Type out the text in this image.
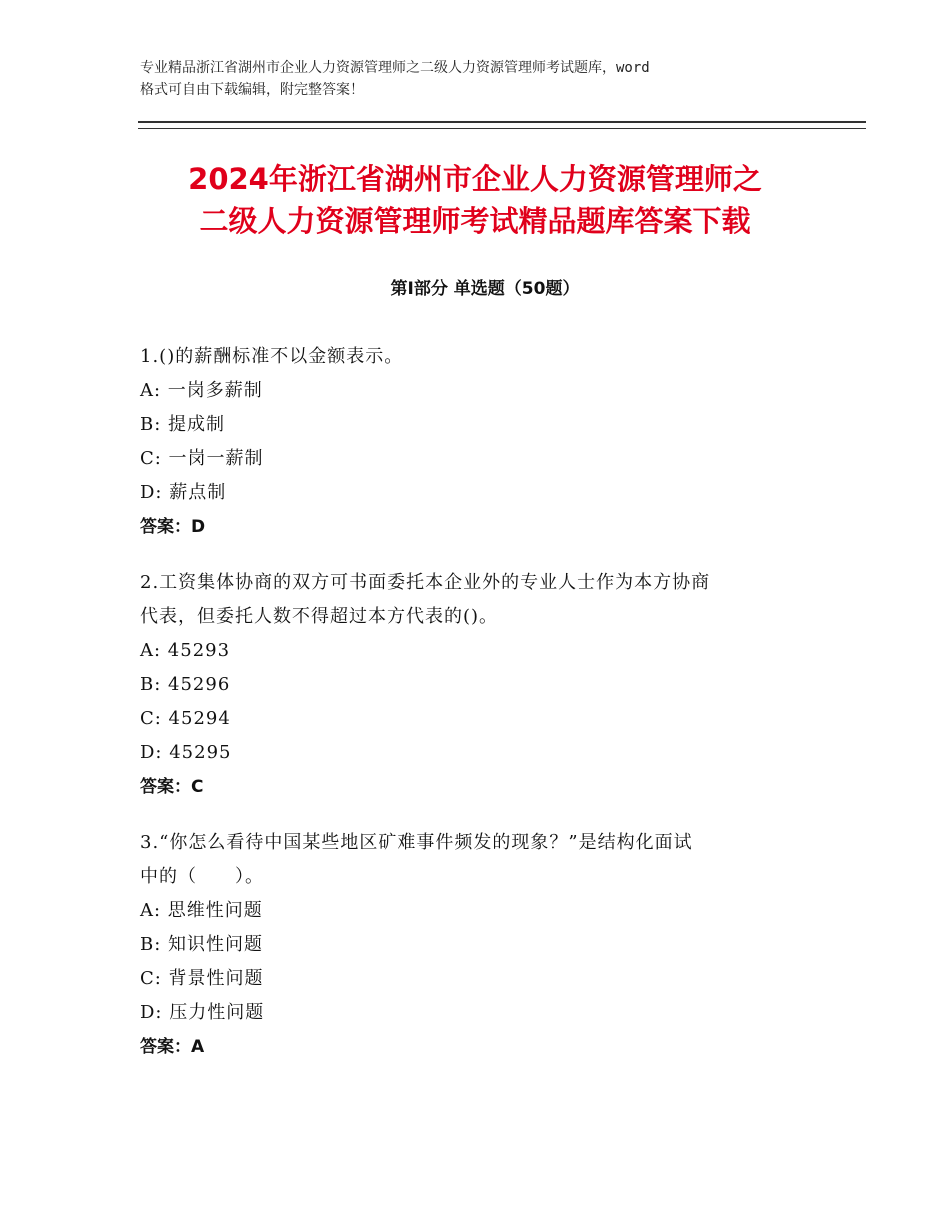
专业精品浙江省湖州市企业人力资源管理师之二级人力资源管理师考试题库，word
格式可自由下载编辑，附完整答案！
2024年浙江省湖州市企业人力资源管理师之
二级人力资源管理师考试精品题库答案下载
第Ⅰ部分 单选题（50题）
1.()的薪酬标准不以金额表示。
A: 一岗多薪制
B: 提成制
C: 一岗一薪制
D: 薪点制
答案：D
2.工资集体协商的双方可书面委托本企业外的专业人士作为本方协商
代表，但委托人数不得超过本方代表的()。
A: 45293
B: 45296
C: 45294
D: 45295
答案：C
3.“你怎么看待中国某些地区矿难事件频发的现象？”是结构化面试
中的（　　）。
A: 思维性问题
B: 知识性问题
C: 背景性问题
D: 压力性问题
答案：A
